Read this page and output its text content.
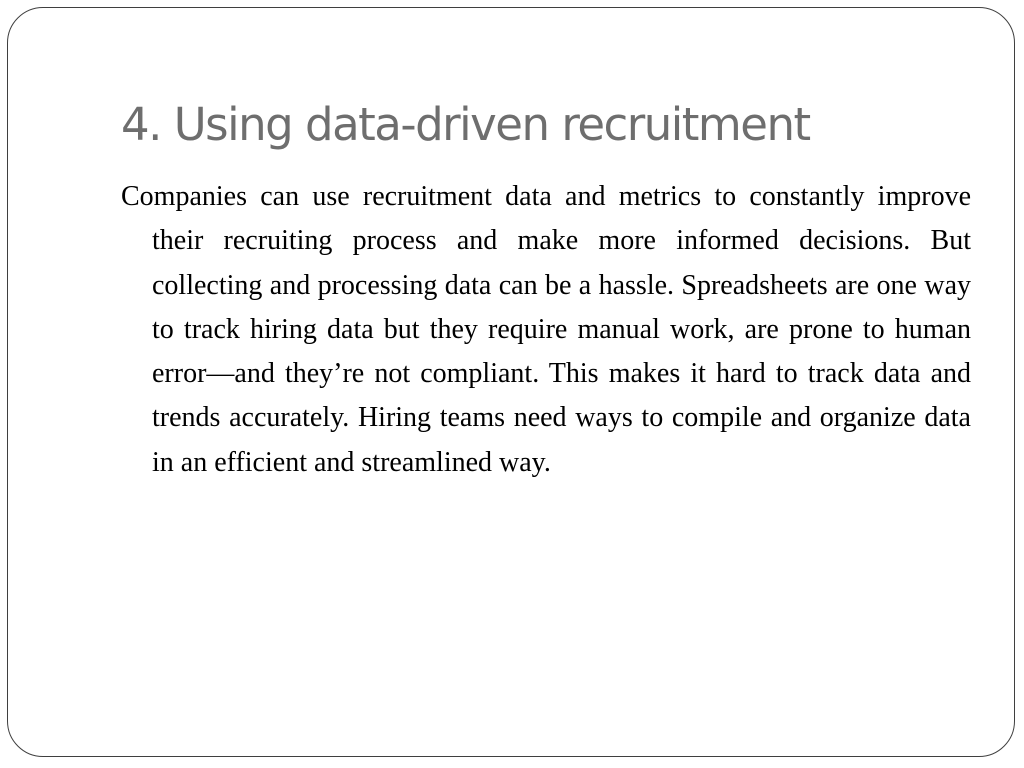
4. Using data-driven recruitment

Companies can use recruitment data and metrics to constantly improve their recruiting process and make more informed decisions. But collecting and processing data can be a hassle. Spreadsheets are one way to track hiring data but they require manual work, are prone to human error—and they’re not compliant. This makes it hard to track data and trends accurately. Hiring teams need ways to compile and organize data in an efficient and streamlined way.
